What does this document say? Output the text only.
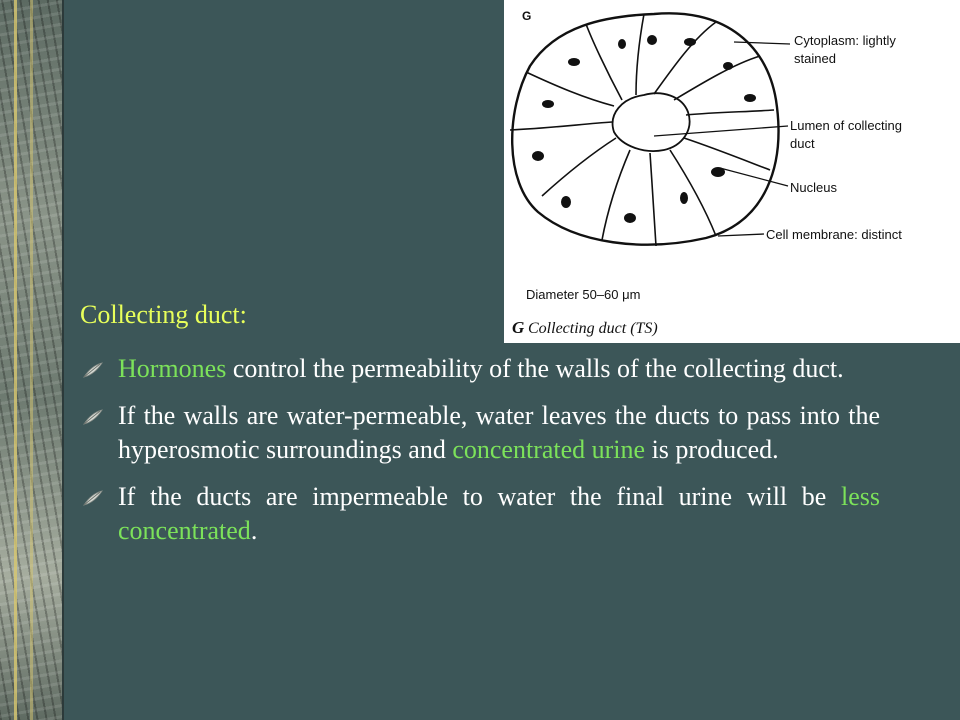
G
Cytoplasm: lightly
stained
Lumen of collecting
duct
Nucleus
Cell membrane: distinct
Diameter 50–60 μm
G Collecting duct (TS)
Collecting duct:
Hormones control the permeability of the walls of the collecting duct.
If the walls are water-permeable, water leaves the ducts to pass into the hyperosmotic surroundings and concentrated urine is produced.
If the ducts are impermeable to water the final urine will be less concentrated.
